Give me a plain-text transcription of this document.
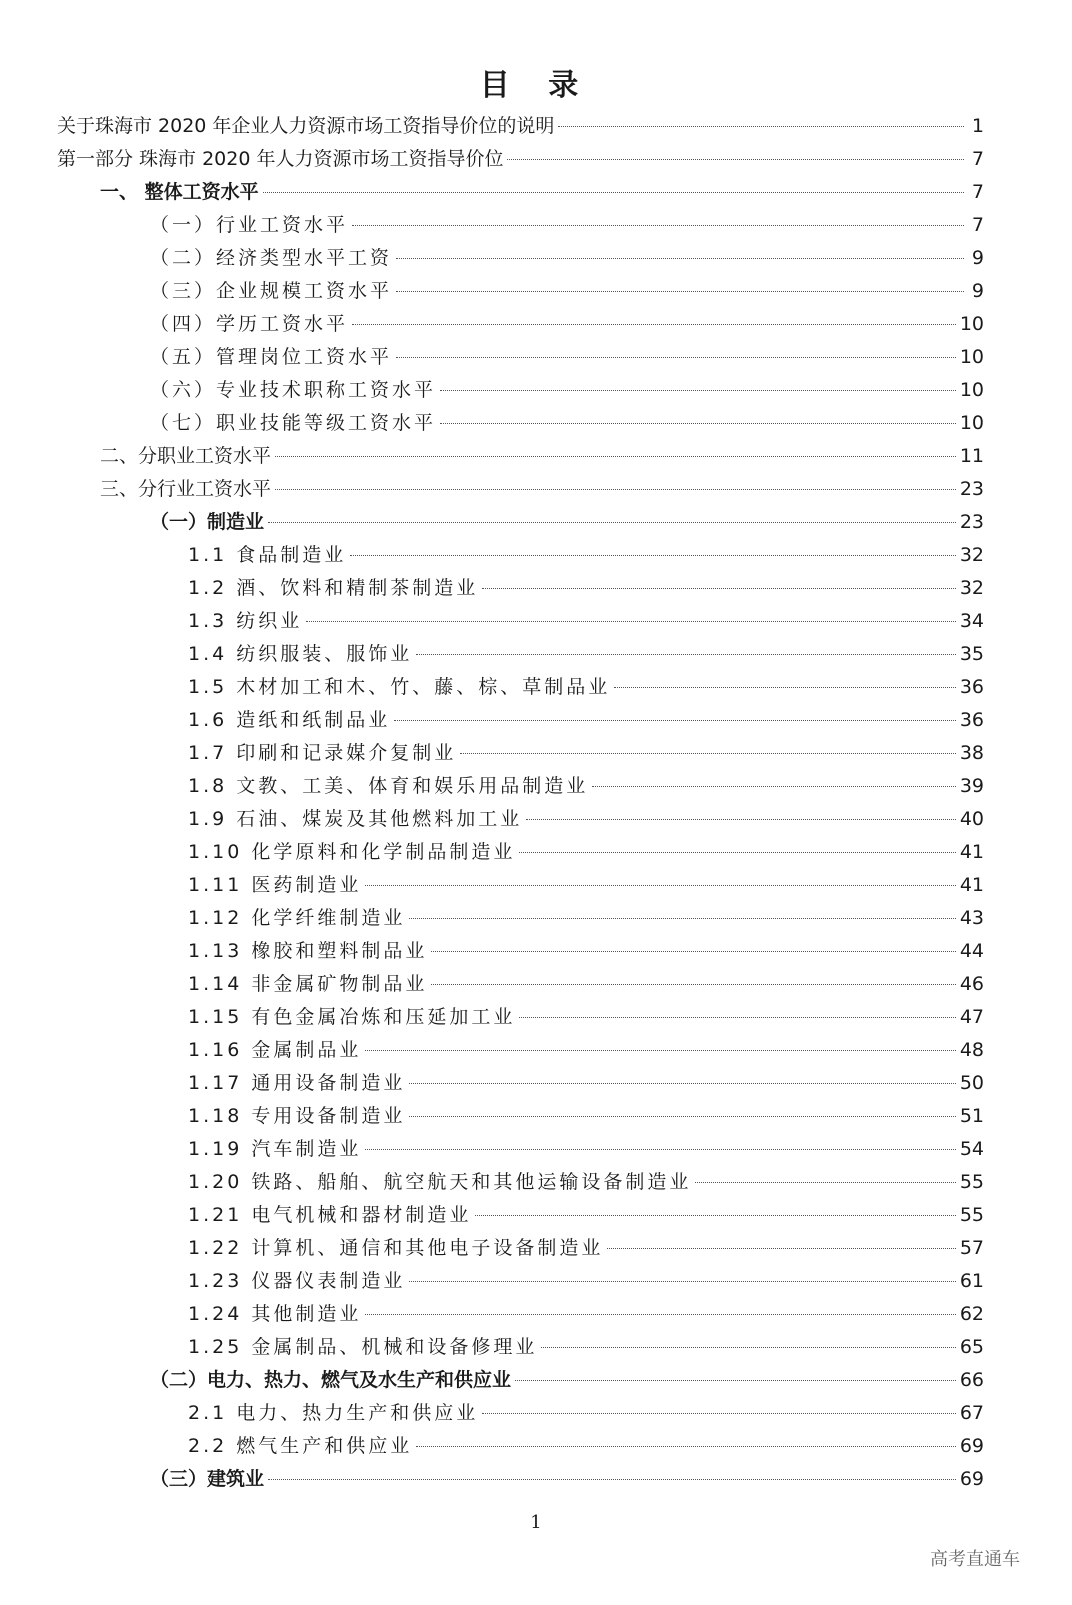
目 录
关于珠海市 2020 年企业人力资源市场工资指导价位的说明	1
第一部分 珠海市 2020 年人力资源市场工资指导价位	7
一、 整体工资水平	7
（一）行业工资水平	7
（二）经济类型水平工资	9
（三）企业规模工资水平	9
（四）学历工资水平	10
（五）管理岗位工资水平	10
（六）专业技术职称工资水平	10
（七）职业技能等级工资水平	10
二、分职业工资水平	11
三、分行业工资水平	23
（一）制造业	23
1.1 食品制造业	32
1.2 酒、饮料和精制茶制造业	32
1.3 纺织业	34
1.4 纺织服装、服饰业	35
1.5 木材加工和木、竹、藤、棕、草制品业	36
1.6 造纸和纸制品业	36
1.7 印刷和记录媒介复制业	38
1.8 文教、工美、体育和娱乐用品制造业	39
1.9 石油、煤炭及其他燃料加工业	40
1.10 化学原料和化学制品制造业	41
1.11 医药制造业	41
1.12 化学纤维制造业	43
1.13 橡胶和塑料制品业	44
1.14 非金属矿物制品业	46
1.15 有色金属冶炼和压延加工业	47
1.16 金属制品业	48
1.17 通用设备制造业	50
1.18 专用设备制造业	51
1.19 汽车制造业	54
1.20 铁路、船舶、航空航天和其他运输设备制造业	55
1.21 电气机械和器材制造业	55
1.22 计算机、通信和其他电子设备制造业	57
1.23 仪器仪表制造业	61
1.24 其他制造业	62
1.25 金属制品、机械和设备修理业	65
（二）电力、热力、燃气及水生产和供应业	66
2.1 电力、热力生产和供应业	67
2.2 燃气生产和供应业	69
（三）建筑业	69
1
高考直通车
